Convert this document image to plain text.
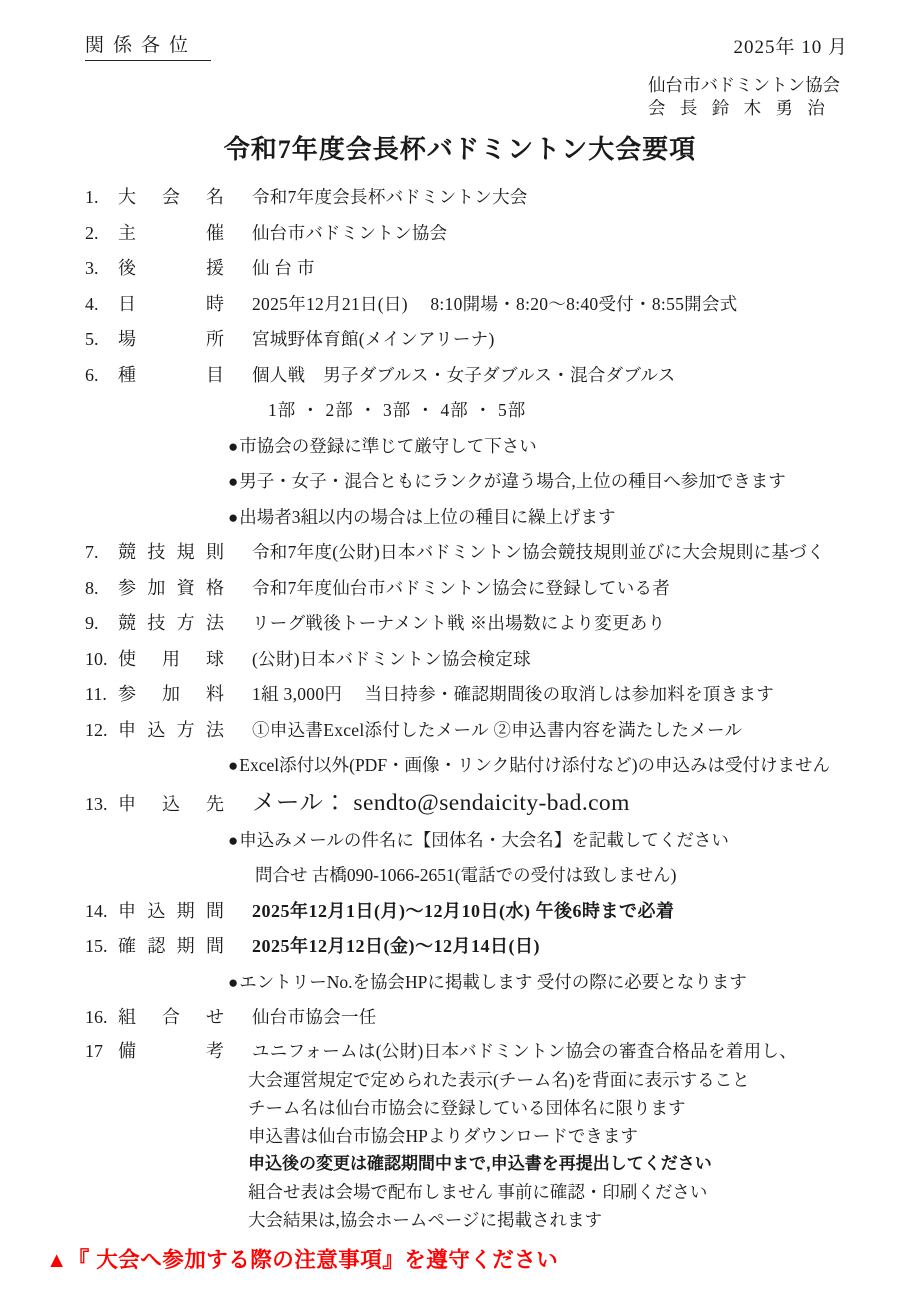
関係各位	2025年 10 月
仙台市バドミントン協会
会 長 鈴 木 勇 治
令和7年度会長杯バドミントン大会要項
1.	大 会 名 令和7年度会長杯バドミントン大会
2.	主 催 仙台市バドミントン協会
3.	後 援 仙 台 市
4.	日 時 2025年12月21日(日)　 8:10開場・8:20～8:40受付・8:55開会式
5.	場 所 宮城野体育館(メインアリーナ)
6.	種 目 個人戦　男子ダブルス・女子ダブルス・混合ダブルス
1部 ・ 2部 ・ 3部 ・ 4部 ・ 5部
●市協会の登録に準じて厳守して下さい
●男子・女子・混合ともにランクが違う場合,上位の種目へ参加できます
●出場者3組以内の場合は上位の種目に繰上げます
7.	競 技 規 則 令和7年度(公財)日本バドミントン協会競技規則並びに大会規則に基づく
8.	参 加 資 格 令和7年度仙台市バドミントン協会に登録している者
9.	競 技 方 法 リーグ戦後トーナメント戦 ※出場数により変更あり
10. 使 用 球 (公財)日本バドミントン協会検定球
11. 参 加 料 1組 3,000円　 当日持参・確認期間後の取消しは参加料を頂きます
12. 申 込 方 法 ①申込書Excel添付したメール ②申込書内容を満たしたメール
●Excel添付以外(PDF・画像・リンク貼付け添付など)の申込みは受付けません
13. 申 込 先 メール： sendto@sendaicity-bad.com
●申込みメールの件名に【団体名・大会名】を記載してください
問合せ 古橋090-1066-2651(電話での受付は致しません)
14. 申 込 期 間 2025年12月1日(月)～12月10日(水) 午後6時まで必着
15. 確 認 期 間 2025年12月12日(金)～12月14日(日)
●エントリーNo.を協会HPに掲載します 受付の際に必要となります
16. 組 合 せ 仙台市協会一任
17 備 考 ユニフォームは(公財)日本バドミントン協会の審査合格品を着用し、
大会運営規定で定められた表示(チーム名)を背面に表示すること
チーム名は仙台市協会に登録している団体名に限ります
申込書は仙台市協会HPよりダウンロードできます
申込後の変更は確認期間中まで,申込書を再提出してください
組合せ表は会場で配布しません 事前に確認・印刷ください
大会結果は,協会ホームページに掲載されます
▲『 大会へ参加する際の注意事項』を遵守ください
